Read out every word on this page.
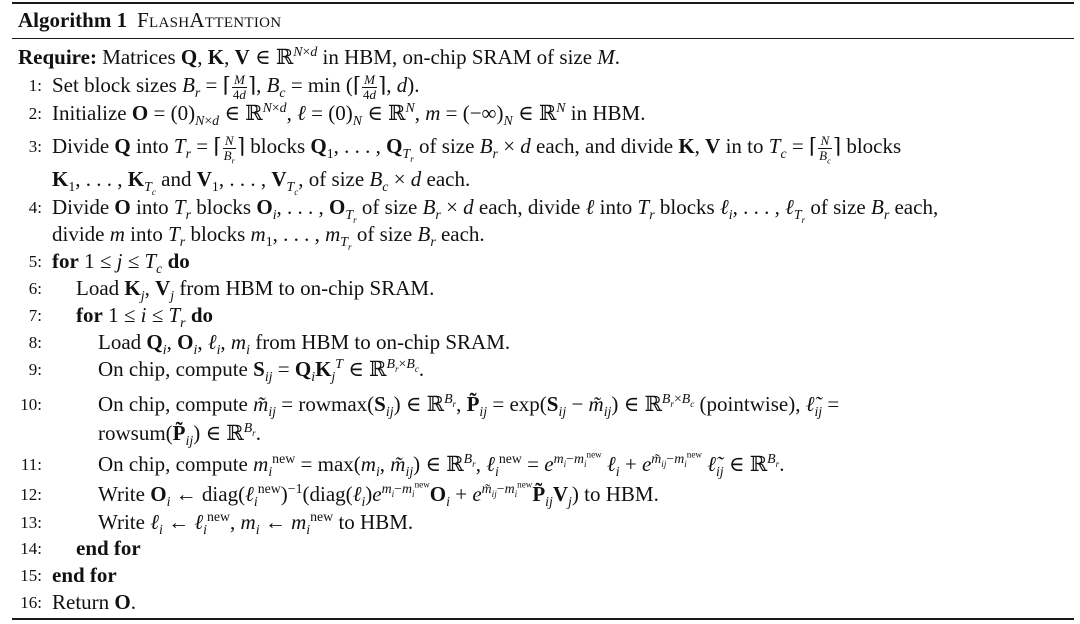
Algorithm 1 FlashAttention
Require: Matrices Q, K, V ∈ ℝ$^{N\times d}$ in HBM, on-chip SRAM of size M.
1: Set block sizes $B_r$ = ⌈ $\frac{M}{4d}$ ⌉, $B_c = \min$ (⌈ $\frac{M}{4d}$ ⌉, d).
2: Initialize $O = (0)_{N\times d}$ ∈ ℝ$^{N\times d}$, ℓ = $(0)_N$ ∈ ℝ$^N$, $m = (-\infty)_N$ ∈ ℝ$^N$ in HBM.
3: Divide Q into $T_r$ = ⌈ $\frac{N}{B_r}$ ⌉ blocks $Q_1$, . . . , $Q_{T_r}$ of size $B_r \times d$ each, and divide K, V in to $T_c$ = ⌈ $\frac{N}{B_c}$ ⌉ blocks
$K_1$, . . . , $K_{T_c}$ and $V_1$, . . . , $V_{T_c}$, of size $B_c \times d$ each.
4: Divide O into $T_r$ blocks $O_i$, . . . , $O_{T_r}$ of size $B_r \times d$ each, divide ℓ into $T_r$ blocks ℓ$_i$, . . . , ℓ$_{T_r}$ of size $B_r$ each,
divide m into $T_r$ blocks $m_1$, . . . , $m_{T_r}$ of size $B_r$ each.
5: for $1 \le j \le T_c$ do
6: Load $K_j$, $V_j$ from HBM to on-chip SRAM.
7: for $1 \le i \le T_r$ do
8:	Load $Q_i$, $O_i$, ℓ$_i$, $m_i$ from HBM to on-chip SRAM.
9:	On chip, compute $S_{ij} = Q_iK_j^T$ ∈ ℝ$^{B_r\times B_c}$.
10:	On chip, compute $m̃_{ij} = rowmax(S_{ij})$ ∈ ℝ$^{B_r}$, $P̃_{ij} = \exp(S_{ij}$ − $m̃_{ij}$) ∈ ℝ$^{B_r\times B_c}$ (pointwise), $\ell̃_{ij}$ =
$rowsum(P̃_{ij})$ ∈ ℝ$^{B_r}$.
11:	On chip, compute $m_i^{new} = \max(m_i$, $m̃_{ij}$) ∈ ℝ$^{B_r}$, ℓ$_i^{new}$ = $e^{m_i-m_i^{new}}$ ℓ$_i$ + $e^{m̃_{ij}-m_i^{new}}$ $\ell̃_{ij}$ ∈ ℝ$^{B_r}$.
12:	Write $O_i$ ← $diag(\ell_i^{new})^{-1}(diag(\ell_i)e^{m_i-m_i^{new}}O_i$ + $e^{m̃_{ij}-m_i^{new}}P̃_{ij}V_j$) to HBM.
13:	Write ℓ$_i$ ← ℓ$_i^{new}$, $m_i$ ← $m_i^{new}$ to HBM.
14: end for
15: end for
16: Return O.
